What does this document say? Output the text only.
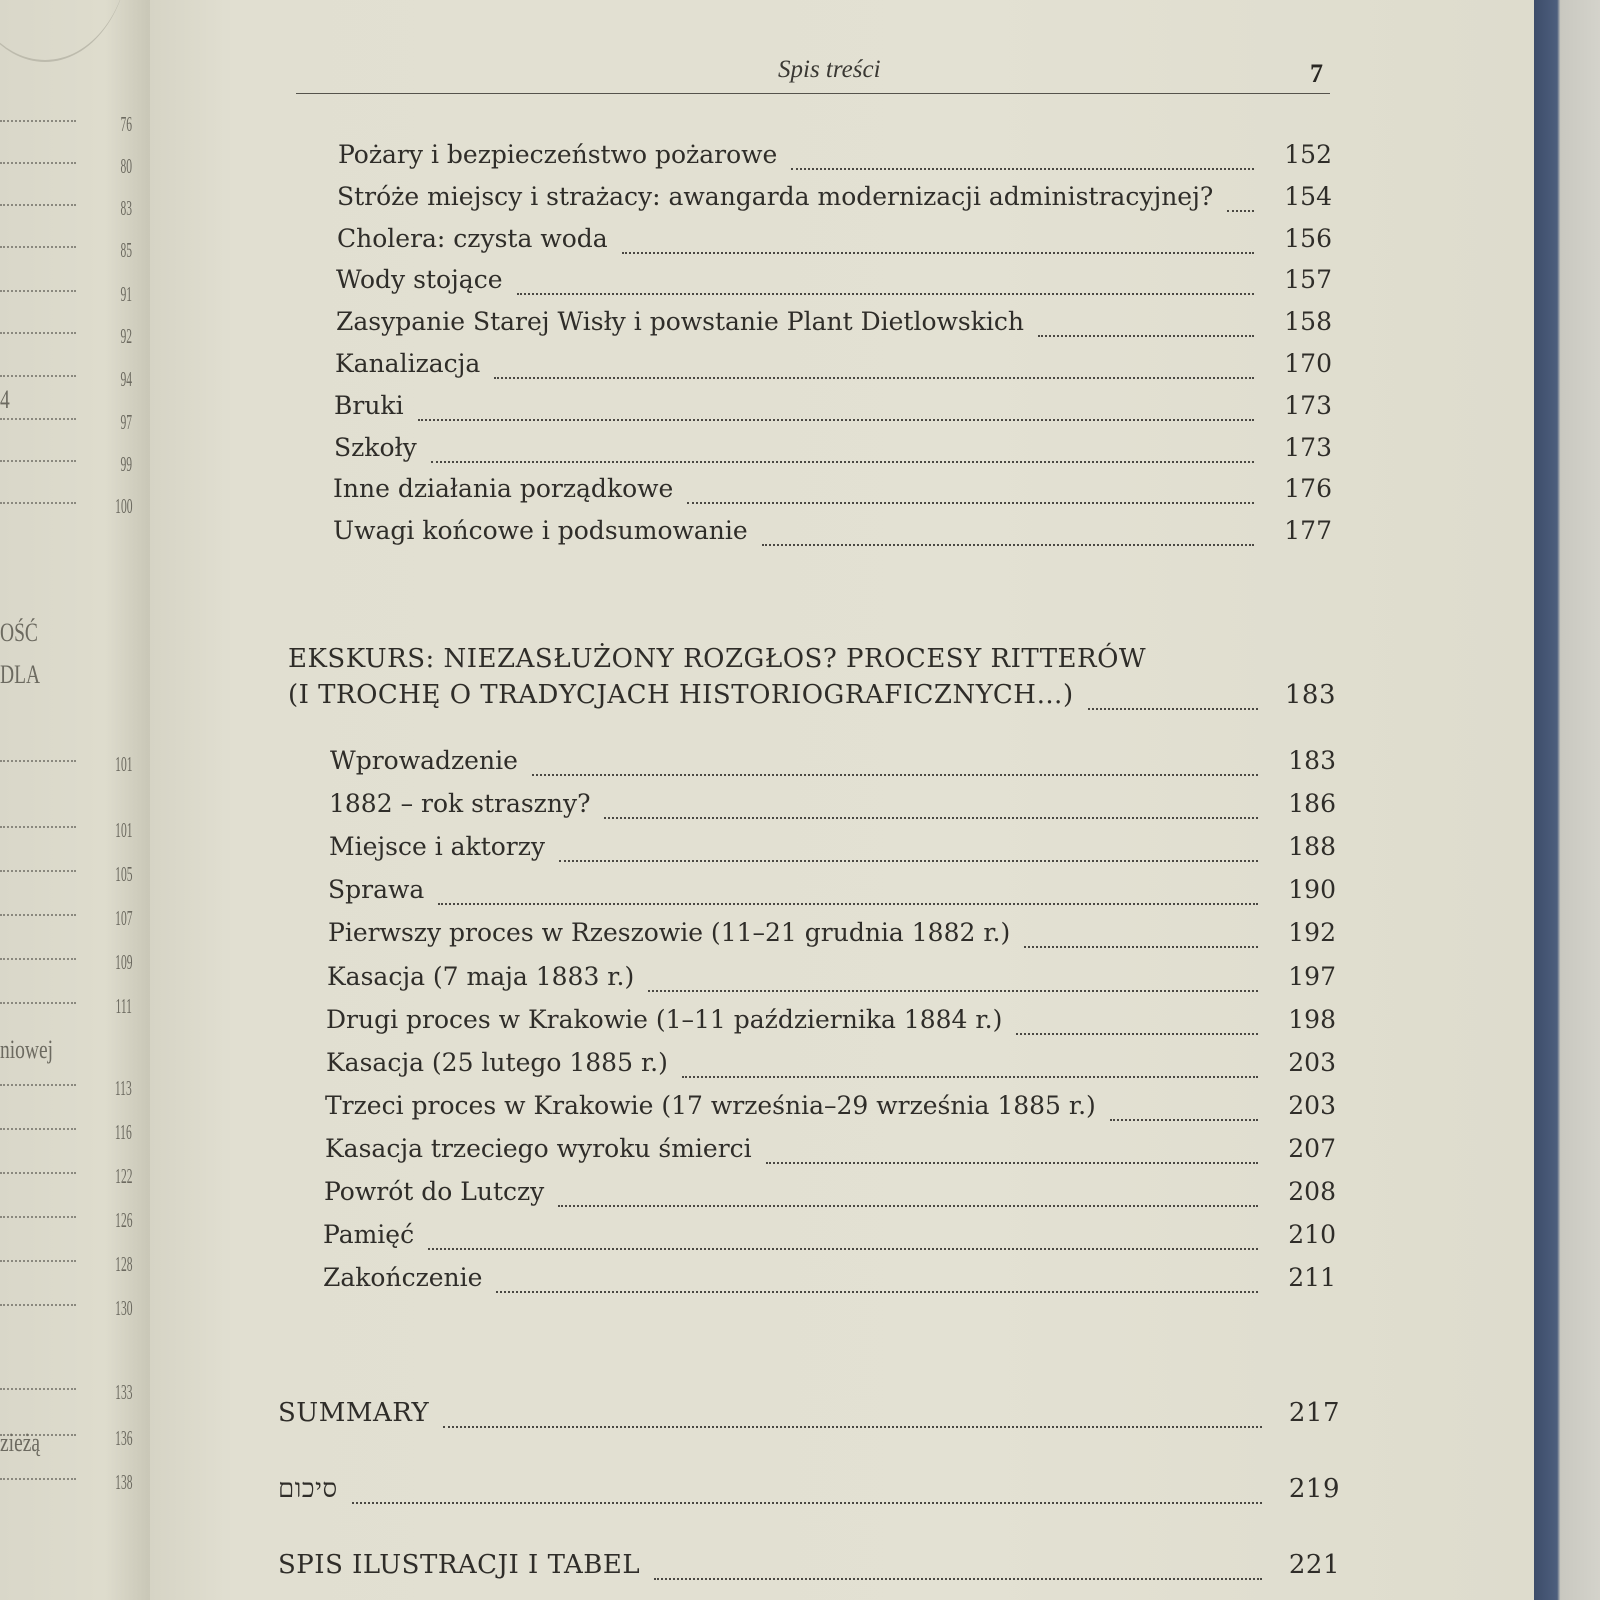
76
80
83
85
91
92
94
97
99
100
101
101
105
107
109
111
113
116
122
126
128
130
133
136
138
OŚĆ
DLA
niowej
zieżą
4
Spis treści	7
Pożary i bezpieczeństwo pożarowe	152
Stróże miejscy i strażacy: awangarda modernizacji administracyjnej?	154
Cholera: czysta woda	156
Wody stojące	157
Zasypanie Starej Wisły i powstanie Plant Dietlowskich	158
Kanalizacja	170
Bruki	173
Szkoły	173
Inne działania porządkowe	176
Uwagi końcowe i podsumowanie	177
EKSKURS: NIEZASŁUŻONY ROZGŁOS? PROCESY RITTERÓW
(I TROCHĘ O TRADYCJACH HISTORIOGRAFICZNYCH…)	183
Wprowadzenie	183
1882 – rok straszny?	186
Miejsce i aktorzy	188
Sprawa	190
Pierwszy proces w Rzeszowie (11–21 grudnia 1882 r.)	192
Kasacja (7 maja 1883 r.)	197
Drugi proces w Krakowie (1–11 października 1884 r.)	198
Kasacja (25 lutego 1885 r.)	203
Trzeci proces w Krakowie (17 września–29 września 1885 r.)	203
Kasacja trzeciego wyroku śmierci	207
Powrót do Lutczy	208
Pamięć	210
Zakończenie	211
SUMMARY	217
סיכום	219
SPIS ILUSTRACJI I TABEL	221
